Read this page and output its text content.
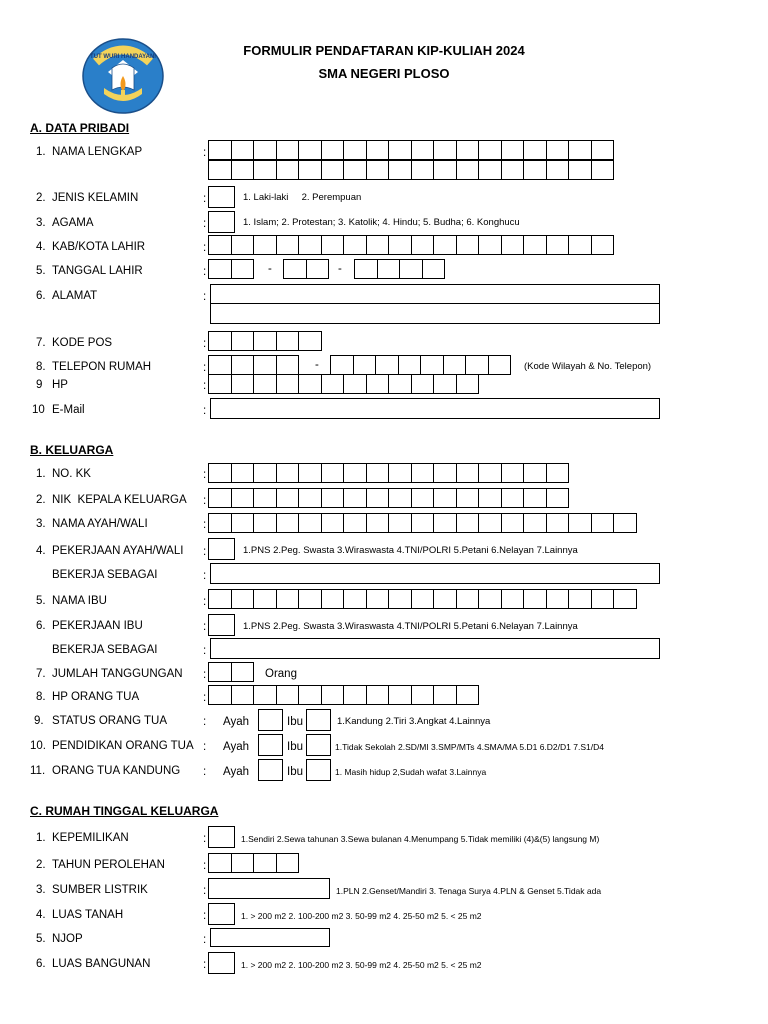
TUT WURI HANDAYANI	FORMULIR PENDAFTARAN KIP-KULIAH 2024
SMA NEGERI PLOSO
A. DATA PRIBADI
1. NAMA LENGKAP	:
2. JENIS KELAMIN	:	1. Laki-laki     2. Perempuan
3. AGAMA	:	1. Islam; 2. Protestan; 3. Katolik; 4. Hindu; 5. Budha; 6. Konghucu
4. KAB/KOTA LAHIR	:
5. TANGGAL LAHIR	:	-	-
6. ALAMAT	:
7. KODE POS	:
8. TELEPON RUMAH	:	-	(Kode Wilayah & No. Telepon)
9 HP	:
10 E-Mail	:
B. KELUARGA
1. NO. KK	:
2. NIK  KEPALA KELUARGA :
3. NAMA AYAH/WALI	:
4. PEKERJAAN AYAH/WALI :	1.PNS 2.Peg. Swasta 3.Wiraswasta 4.TNI/POLRI 5.Petani 6.Nelayan 7.Lainnya
BEKERJA SEBAGAI	:
5. NAMA IBU	:
6. PEKERJAAN IBU	:	1.PNS 2.Peg. Swasta 3.Wiraswasta 4.TNI/POLRI 5.Petani 6.Nelayan 7.Lainnya
BEKERJA SEBAGAI	:
7. JUMLAH TANGGUNGAN :	Orang
8. HP ORANG TUA	:
9. STATUS ORANG TUA	: Ayah	Ibu	1.Kandung 2.Tiri 3.Angkat 4.Lainnya
10. PENDIDIKAN ORANG TUA : Ayah	Ibu	1.Tidak Sekolah 2.SD/MI 3.SMP/MTs 4.SMA/MA 5.D1 6.D2/D1 7.S1/D4
11. ORANG TUA KANDUNG : Ayah	Ibu	1. Masih hidup 2,Sudah wafat 3.Lainnya
C. RUMAH TINGGAL KELUARGA
1. KEPEMILIKAN	:	1.Sendiri 2.Sewa tahunan 3.Sewa bulanan 4.Menumpang 5.Tidak memiliki (4)&(5) langsung M)
2. TAHUN PEROLEHAN	:
3. SUMBER LISTRIK	:	1.PLN 2.Genset/Mandiri 3. Tenaga Surya 4.PLN & Genset 5.Tidak ada
4. LUAS TANAH	:	1. > 200 m2 2. 100-200 m2 3. 50-99 m2 4. 25-50 m2 5. < 25 m2
5. NJOP	:
6. LUAS BANGUNAN	:	1. > 200 m2 2. 100-200 m2 3. 50-99 m2 4. 25-50 m2 5. < 25 m2
